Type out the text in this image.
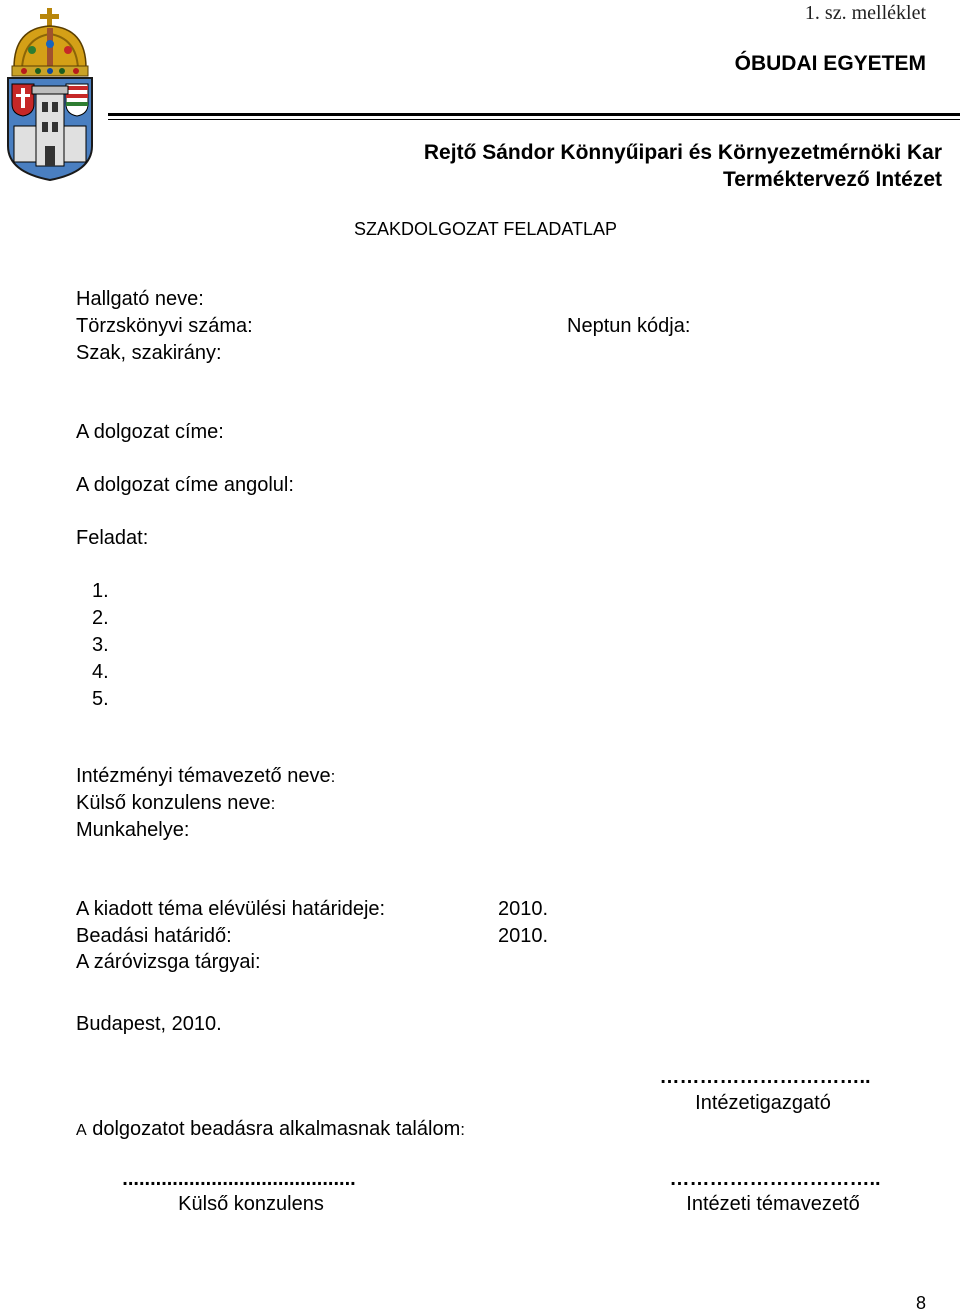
1. sz. melléklet
ÓBUDAI EGYETEM
Rejtő Sándor Könnyűipari és Környezetmérnöki Kar
Terméktervező Intézet
SZAKDOLGOZAT FELADATLAP
Hallgató neve:
Törzskönyvi száma:	Neptun kódja:
Szak, szakirány:
A dolgozat címe:
A dolgozat címe angolul:
Feladat:
1.
2.
3.
4.
5.
Intézményi témavezető neve:
Külső konzulens neve:
Munkahelye:
A kiadott téma elévülési határideje:	2010.
Beadási határidő:	2010.
A záróvizsga tárgyai:
Budapest, 2010.
…………………………..
Intézetigazgató
A dolgozatot beadásra alkalmasnak találom:
..........................................
Külső konzulens
…………………………..
Intézeti témavezető
8
